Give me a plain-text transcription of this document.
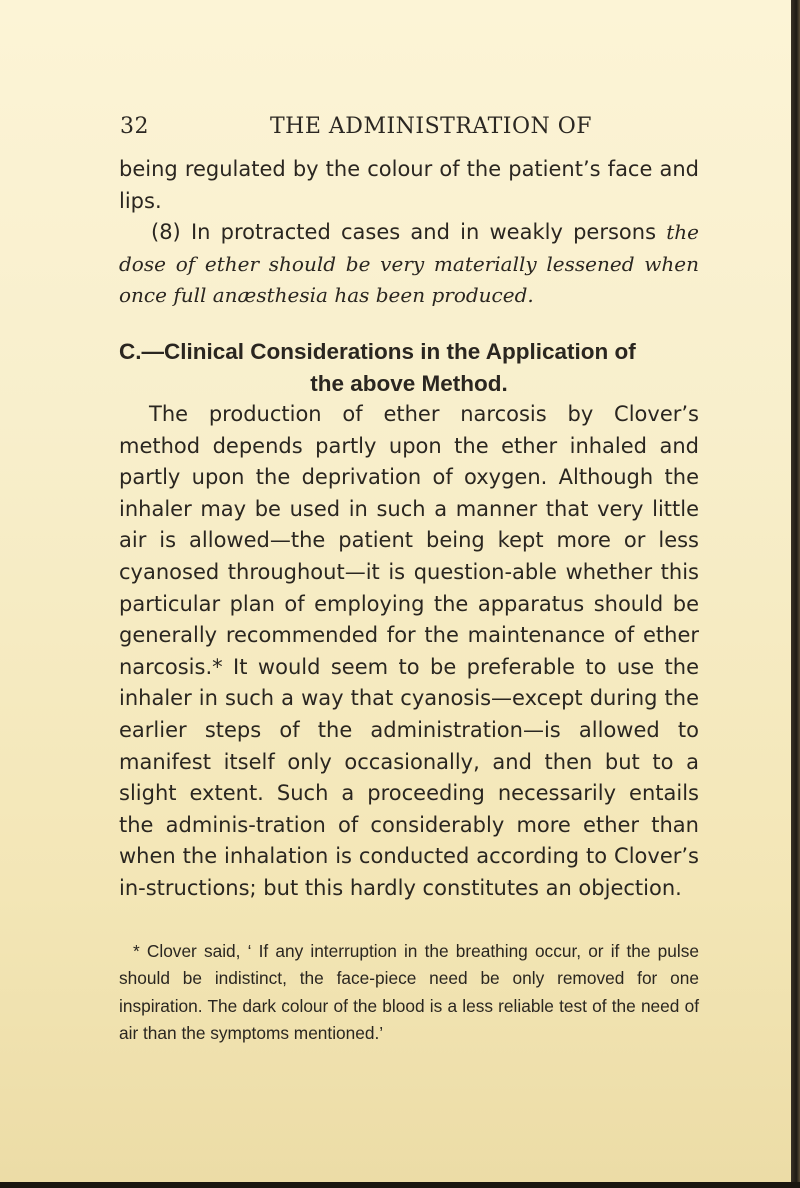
32	THE ADMINISTRATION OF

being regulated by the colour of the patient’s face and lips.

(8) In protracted cases and in weakly persons the dose of ether should be very materially lessened when once full anæsthesia has been produced.

C.—Clinical Considerations in the Application of
the above Method.

The production of ether narcosis by Clover’s method depends partly upon the ether inhaled and partly upon the deprivation of oxygen. Although the inhaler may be used in such a manner that very little air is allowed—the patient being kept more or less cyanosed throughout—it is question-able whether this particular plan of employing the apparatus should be generally recommended for the maintenance of ether narcosis.* It would seem to be preferable to use the inhaler in such a way that cyanosis—except during the earlier steps of the administration—is allowed to manifest itself only occasionally, and then but to a slight extent. Such a proceeding necessarily entails the adminis-tration of considerably more ether than when the inhalation is conducted according to Clover’s in-structions; but this hardly constitutes an objection.

* Clover said, ‘ If any interruption in the breathing occur, or if the pulse should be indistinct, the face-piece need be only removed for one inspiration. The dark colour of the blood is a less reliable test of the need of air than the symptoms mentioned.’
